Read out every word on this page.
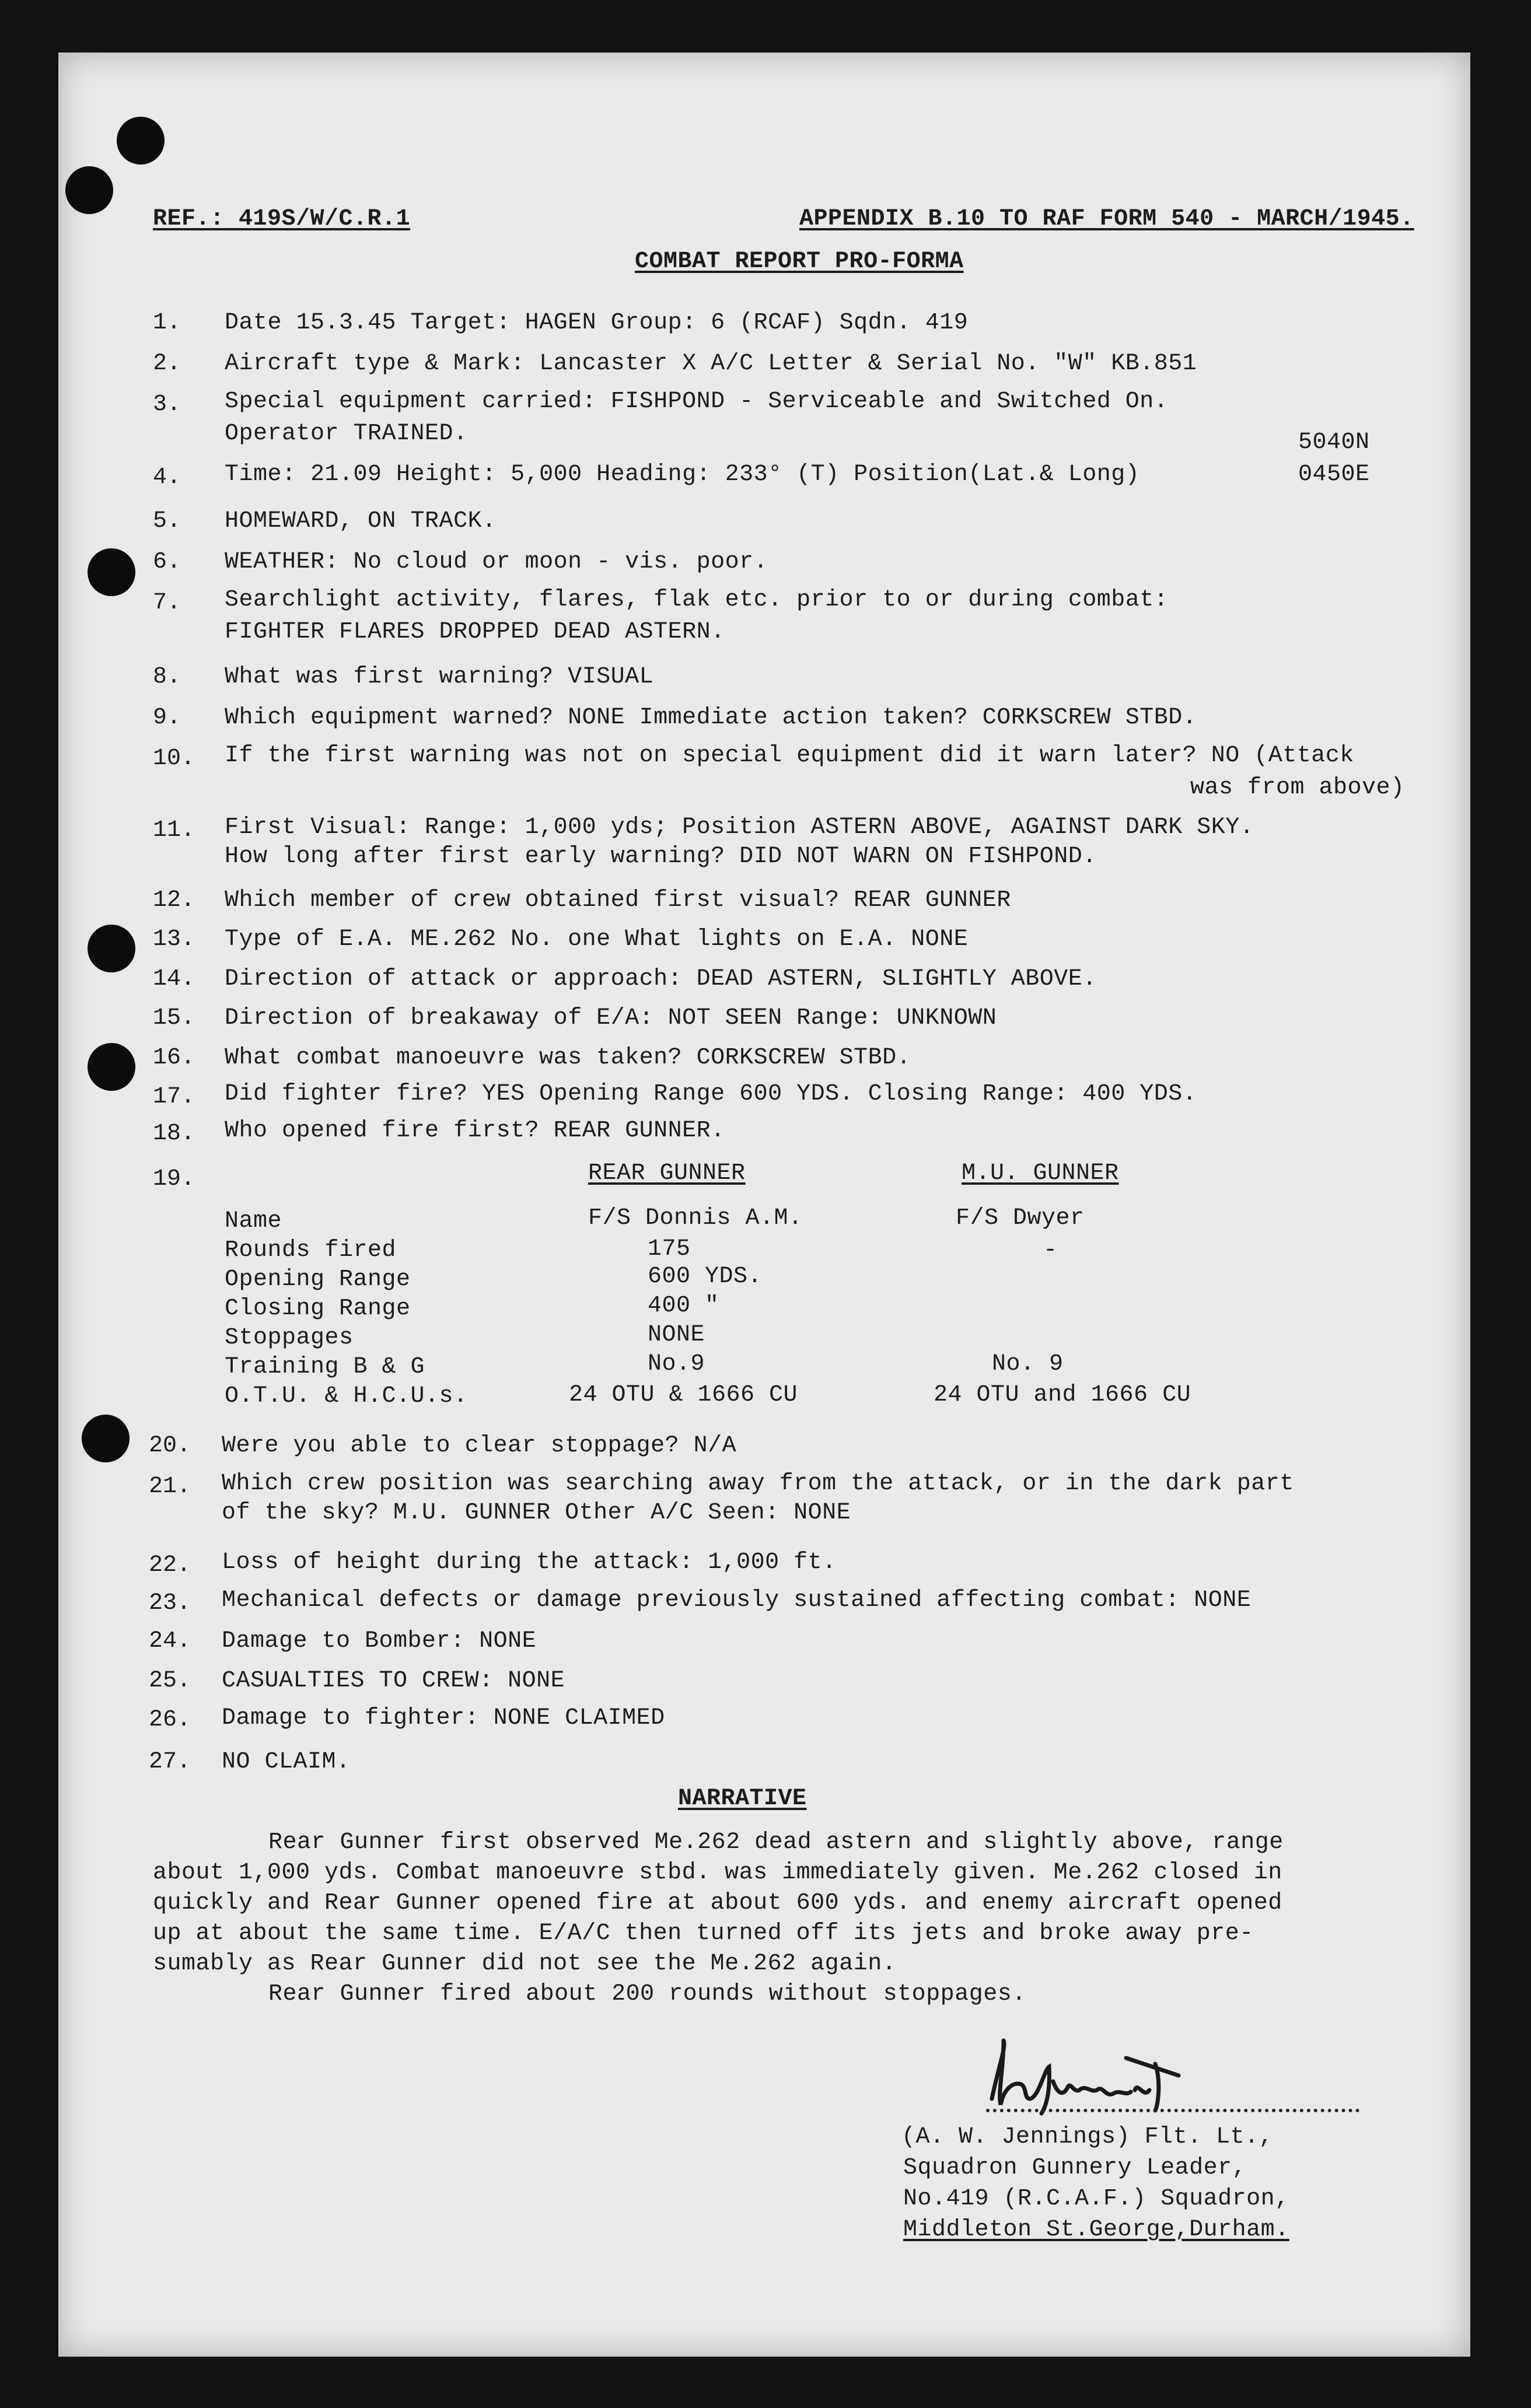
REF.: 419S/W/C.R.1	APPENDIX B.10 TO RAF FORM 540 - MARCH/1945.
COMBAT REPORT PRO-FORMA
1. Date 15.3.45 Target: HAGEN Group: 6 (RCAF) Sqdn. 419
2. Aircraft type & Mark: Lancaster X A/C Letter & Serial No. "W" KB.851
3. Special equipment carried: FISHPOND - Serviceable and Switched On.
Operator TRAINED.
4. Time: 21.09 Height: 5,000 Heading: 233° (T) Position(Lat.& Long)
5040N
0450E
5. HOMEWARD, ON TRACK.
6. WEATHER: No cloud or moon - vis. poor.
7. Searchlight activity, flares, flak etc. prior to or during combat:
FIGHTER FLARES DROPPED DEAD ASTERN.
8. What was first warning? VISUAL
9. Which equipment warned? NONE Immediate action taken? CORKSCREW STBD.
10. If the first warning was not on special equipment did it warn later? NO (Attack
was from above)
11. First Visual: Range: 1,000 yds; Position ASTERN ABOVE, AGAINST DARK SKY.
How long after first early warning? DID NOT WARN ON FISHPOND.
12. Which member of crew obtained first visual? REAR GUNNER
13. Type of E.A. ME.262 No. one What lights on E.A. NONE
14. Direction of attack or approach: DEAD ASTERN, SLIGHTLY ABOVE.
15. Direction of breakaway of E/A: NOT SEEN Range: UNKNOWN
16. What combat manoeuvre was taken? CORKSCREW STBD.
17. Did fighter fire? YES Opening Range 600 YDS. Closing Range: 400 YDS.
18. Who opened fire first? REAR GUNNER.
19.	REAR GUNNER	M.U. GUNNER
Name	F/S Donnis A.M.	F/S Dwyer
Rounds fired	175	-
Opening Range	600 YDS.
Closing Range	400 "
Stoppages	NONE
Training B & G	No.9	No. 9
O.T.U. & H.C.U.s.	24 OTU & 1666 CU	24 OTU and 1666 CU
20. Were you able to clear stoppage? N/A
21. Which crew position was searching away from the attack, or in the dark part
of the sky? M.U. GUNNER Other A/C Seen: NONE
22. Loss of height during the attack: 1,000 ft.
23. Mechanical defects or damage previously sustained affecting combat: NONE
24. Damage to Bomber: NONE
25. CASUALTIES TO CREW: NONE
26. Damage to fighter: NONE CLAIMED
27. NO CLAIM.
NARRATIVE
Rear Gunner first observed Me.262 dead astern and slightly above, range
about 1,000 yds. Combat manoeuvre stbd. was immediately given. Me.262 closed in
quickly and Rear Gunner opened fire at about 600 yds. and enemy aircraft opened
up at about the same time. E/A/C then turned off its jets and broke away pre-
sumably as Rear Gunner did not see the Me.262 again.
Rear Gunner fired about 200 rounds without stoppages.
(A. W. Jennings) Flt. Lt.,
Squadron Gunnery Leader,
No.419 (R.C.A.F.) Squadron,
Middleton St.George,Durham.
